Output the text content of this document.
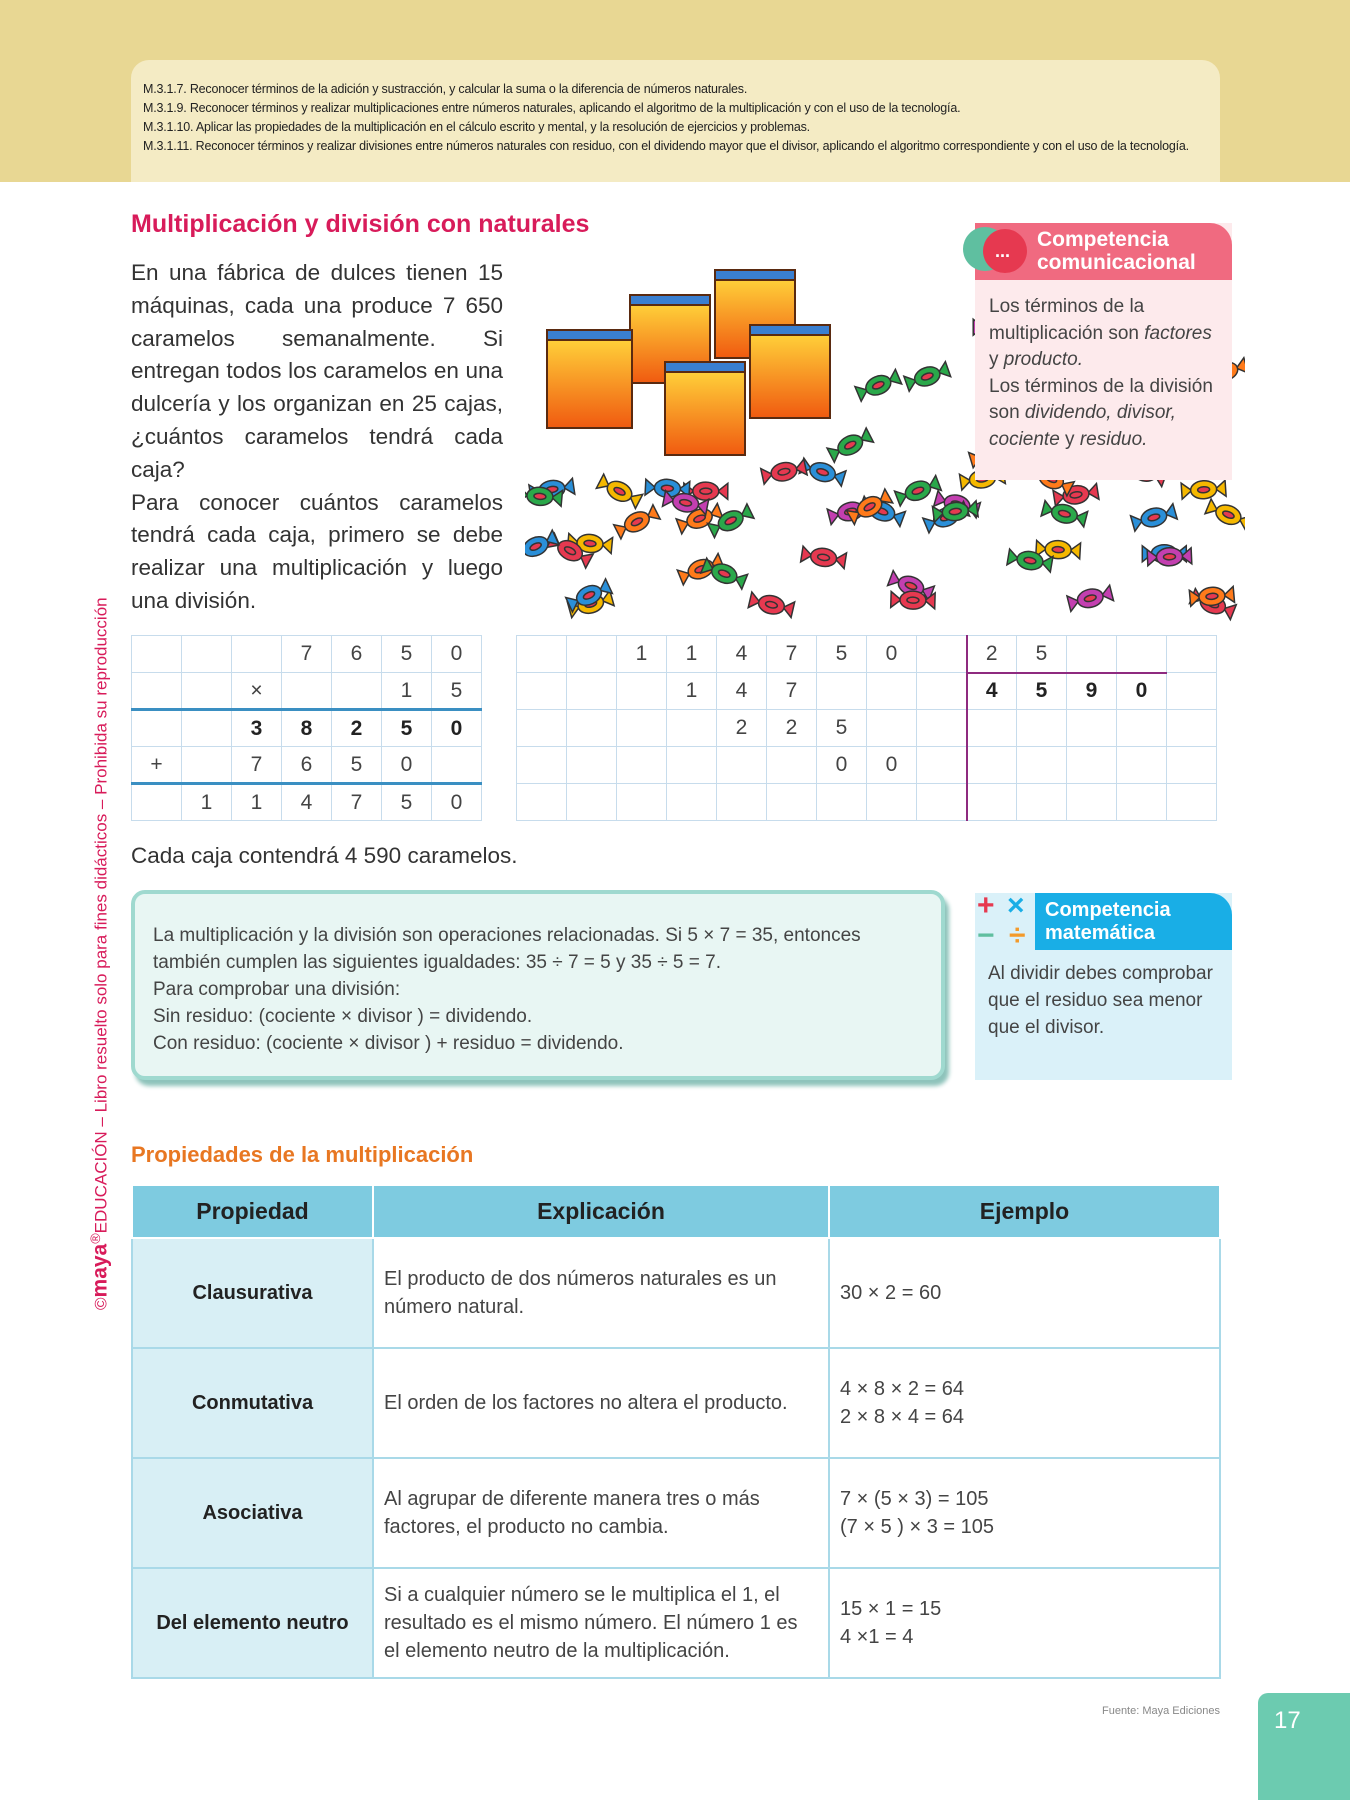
M.3.1.7. Reconocer términos de la adición y sustracción, y calcular la suma o la diferencia de números naturales.
M.3.1.9. Reconocer términos y realizar multiplicaciones entre números naturales, aplicando el algoritmo de la multiplicación y con el uso de la tecnología.
M.3.1.10. Aplicar las propiedades de la multiplicación en el cálculo escrito y mental, y la resolución de ejercicios y problemas.
M.3.1.11. Reconocer términos y realizar divisiones entre números naturales con residuo, con el dividendo mayor que el divisor, aplicando el algoritmo correspondiente y con el uso de la tecnología.
©maya®EDUCACIÓN – Libro resuelto solo para fines didácticos – Prohibida su reproducción
Multiplicación y división con naturales

En una fábrica de dulces tienen 15 máquinas, cada una produce 7 650 caramelos semanalmente. Si entregan todos los caramelos en una dulcería y los organizan en 25 cajas, ¿cuántos caramelos tendrá cada caja?

Para conocer cuántos caramelos tendrá cada caja, primero se debe realizar una multiplicación y luego una división.

... Competencia
comunicacional
Los términos de la multiplicación son factores y producto.
Los términos de la división son dividendo, divisor, cociente y residuo.
			7	6	5	0
		×			1	5
		3	8	2	5	0
+		7	6	5	0	
	1	1	4	7	5	0
		1	1	4	7	5	0		2	5			
			1	4	7				4	5	9	0	
				2	2	5							
						0	0						

Cada caja contendrá 4 590 caramelos.
La multiplicación y la división son operaciones relacionadas. Si 5 × 7 = 35, entonces también cumplen las siguientes igualdades: 35 ÷ 7 = 5 y 35 ÷ 5 = 7.
Para comprobar una división:
Sin residuo: (cociente × divisor ) = dividendo.
Con residuo: (cociente × divisor ) + residuo = dividendo.
+ ×
− ÷
Competencia
matemática
Al dividir debes comprobar que el residuo sea menor que el divisor.
Propiedades de la multiplicación
Propiedad	Explicación	Ejemplo
Clausurativa	El producto de dos números naturales es un número natural.	30 × 2 = 60

Conmutativa	El orden de los factores no altera el producto.	4 × 8 × 2 = 64
2 × 8 × 4 = 64

Asociativa	Al agrupar de diferente manera tres o más factores, el producto no cambia.	7 × (5 × 3) = 105
(7 × 5 ) × 3 = 105

Del elemento neutro	Si a cualquier número se le multiplica el 1, el resultado es el mismo número. El número 1 es el elemento neutro de la multiplicación.	15 × 1 = 15
4 ×1 = 4
Fuente: Maya Ediciones	17
